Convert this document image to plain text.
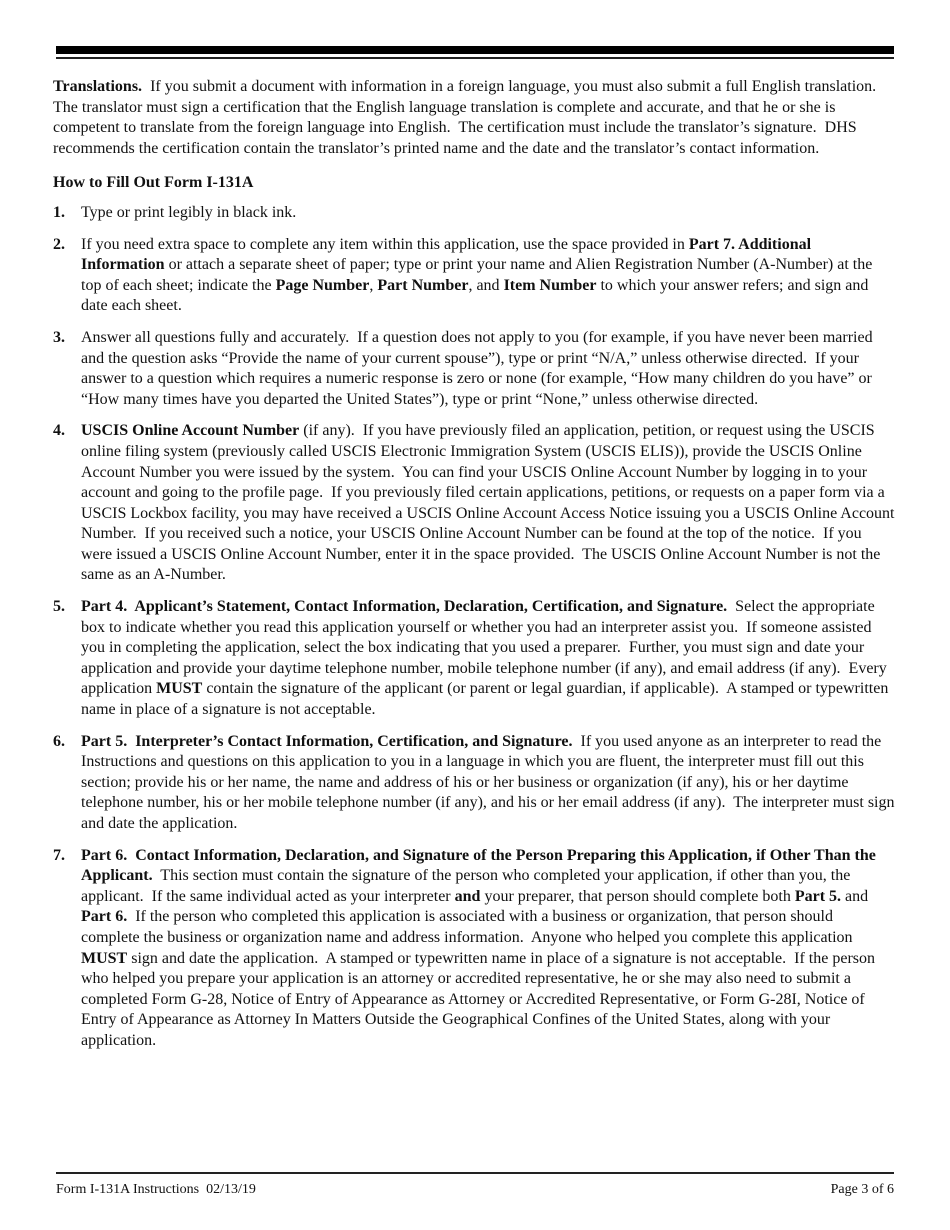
Translations.  If you submit a document with information in a foreign language, you must also submit a full English translation.  The translator must sign a certification that the English language translation is complete and accurate, and that he or she is competent to translate from the foreign language into English.  The certification must include the translator’s signature.  DHS recommends the certification contain the translator’s printed name and the date and the translator’s contact information.

How to Fill Out Form I-131A
1.	Type or print legibly in black ink.
2.	If you need extra space to complete any item within this application, use the space provided in Part 7. Additional Information or attach a separate sheet of paper; type or print your name and Alien Registration Number (A-Number) at the top of each sheet; indicate the Page Number, Part Number, and Item Number to which your answer refers; and sign and date each sheet.
3.	Answer all questions fully and accurately.  If a question does not apply to you (for example, if you have never been married and the question asks “Provide the name of your current spouse”), type or print “N/A,” unless otherwise directed.  If your answer to a question which requires a numeric response is zero or none (for example, “How many children do you have” or “How many times have you departed the United States”), type or print “None,” unless otherwise directed.
4.	USCIS Online Account Number (if any).  If you have previously filed an application, petition, or request using the USCIS online filing system (previously called USCIS Electronic Immigration System (USCIS ELIS)), provide the USCIS Online Account Number you were issued by the system.  You can find your USCIS Online Account Number by logging in to your account and going to the profile page.  If you previously filed certain applications, petitions, or requests on a paper form via a USCIS Lockbox facility, you may have received a USCIS Online Account Access Notice issuing you a USCIS Online Account Number.  If you received such a notice, your USCIS Online Account Number can be found at the top of the notice.  If you were issued a USCIS Online Account Number, enter it in the space provided.  The USCIS Online Account Number is not the same as an A-Number.
5.	Part 4.  Applicant’s Statement, Contact Information, Declaration, Certification, and Signature.  Select the appropriate box to indicate whether you read this application yourself or whether you had an interpreter assist you.  If someone assisted you in completing the application, select the box indicating that you used a preparer.  Further, you must sign and date your application and provide your daytime telephone number, mobile telephone number (if any), and email address (if any).  Every application MUST contain the signature of the applicant (or parent or legal guardian, if applicable).  A stamped or typewritten name in place of a signature is not acceptable.
6.	Part 5.  Interpreter’s Contact Information, Certification, and Signature.  If you used anyone as an interpreter to read the Instructions and questions on this application to you in a language in which you are fluent, the interpreter must fill out this section; provide his or her name, the name and address of his or her business or organization (if any), his or her daytime telephone number, his or her mobile telephone number (if any), and his or her email address (if any).  The interpreter must sign and date the application.
7.	Part 6.  Contact Information, Declaration, and Signature of the Person Preparing this Application, if Other Than the Applicant.  This section must contain the signature of the person who completed your application, if other than you, the applicant.  If the same individual acted as your interpreter and your preparer, that person should complete both Part 5. and Part 6.  If the person who completed this application is associated with a business or organization, that person should complete the business or organization name and address information.  Anyone who helped you complete this application MUST sign and date the application.  A stamped or typewritten name in place of a signature is not acceptable.  If the person who helped you prepare your application is an attorney or accredited representative, he or she may also need to submit a completed Form G-28, Notice of Entry of Appearance as Attorney or Accredited Representative, or Form G-28I, Notice of Entry of Appearance as Attorney In Matters Outside the Geographical Confines of the United States, along with your application.
Form I-131A Instructions  02/13/19	Page 3 of 6
